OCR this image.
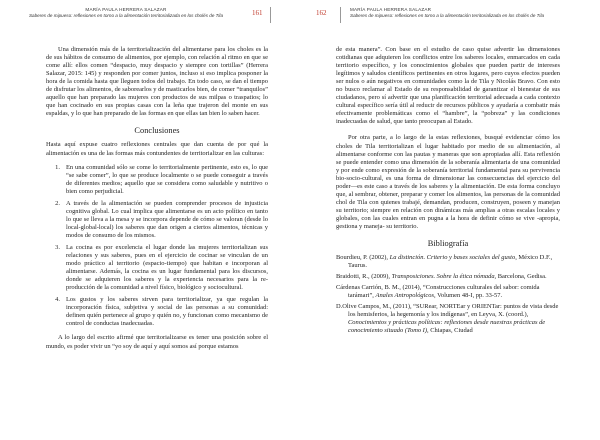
MARÍA PAULA HERRERA SALAZAR
Saberes de mipueso: reflexiones en torno a la alimentación territorializada en los cholés de Tila	161

Una dimensión más de la territorialización del alimentarse para los choles es la de sus hábitos de consumo de alimentos, por ejemplo, con relación al ritmo en que se come allí: ellos comen “despacio, muy despacio y siempre con tortillas” (Herrera Salazar, 2015: 145) y responden por comer juntos, incluso si eso implica posponer la hora de la comida hasta que lleguen todos del trabajo. En todo caso, se dan el tiempo de disfrutar los alimentos, de saborearlos y de masticarlos bien, de comer “tranquilos” aquello que han preparado las mujeres con productos de sus milpas o traspatios; lo que han cocinado en sus propias casas con la leña que trajeron del monte en sus espaldas, y lo que han preparado de las formas en que ellas tan bien lo saben hacer.

Conclusiones

Hasta aquí expuse cuatro reflexiones centrales que dan cuenta de por qué la alimentación es una de las formas más contundentes de territorializar en las culturas:

1. En una comunidad sólo se come lo territorialmente pertinente, esto es, lo que “se sabe comer”, lo que se produce localmente o se puede conseguir a través de diferentes medios; aquello que se considera como saludable y nutritivo o bien como perjudicial.
2. A través de la alimentación se pueden comprender procesos de injusticia cognitiva global. Lo cual implica que alimentarse es un acto político en tanto lo que se lleva a la mesa y se incorpora depende de cómo se valoran (desde lo local-global-local) los saberes que dan origen a ciertos alimentos, técnicas y modos de consumo de los mismos.
3. La cocina es por excelencia el lugar donde las mujeres territorializan sus relaciones y sus saberes, pues en el ejercicio de cocinar se vinculan de un modo práctico al territorio (espacio-tiempo) que habitan e incorporan al alimentarse. Además, la cocina es un lugar fundamental para los discursos, donde se adquieren los saberes y la experiencia necesarios para la re-producción de la comunidad a nivel físico, biológico y sociocultural.
4. Los gustos y los saberes sirven para territorializar, ya que regulan la incorporación física, subjetiva y social de las personas a su comunidad: definen quién pertenece al grupo y quién no, y funcionan como mecanismo de control de conductas inadecuadas.

A lo largo del escrito afirmé que territorializarse es tener una posición sobre el mundo, es poder vivir un “yo soy de aquí y aquí somos así porque estamos

162	MARÍA PAULA HERRERA SALAZAR
Saberes de mipueso: reflexiones en torno a la alimentación territorializada en los cholés de Tila

de esta manera”. Con base en el estudio de caso quise advertir las dimensiones cotidianas que adquieren los conflictos entre los saberes locales, enmarcados en cada territorio específico, y los conocimientos globales que pueden partir de intereses legítimos y saludos científicos pertinentes en otros lugares, pero cuyos efectos pueden ser nulos o aún negativos en comunidades como la de Tila y Nicolás Bravo. Con esto no busco reclamar al Estado de su responsabilidad de garantizar el bienestar de sus ciudadanos, pero sí advertir que una planificación territorial adecuada a cada contexto cultural específico sería útil al reducir de recursos públicos y ayudaría a combatir más efectivamente problemáticas como el “hambre”, la “pobreza” y las condiciones inadecuadas de salud, que tanto preocupan al Estado.

Por otra parte, a lo largo de la estas reflexiones, busqué evidenciar cómo los choles de Tila territorializan el lugar habitado por medio de su alimentación, al alimentarse conforme con las pautas y maneras que son apropiadas allí. Esta reflexión se puede entender como una dimensión de la soberanía alimentaria de una comunidad y por ende como expresión de la soberanía territorial fundamental para su pervivencia bio-socio-cultural, es una forma de dimensionar las consecuencias del ejercicio del poder—es este caso a través de los saberes y la alimentación. De esta forma concluyo que, al sembrar, obtener, preparar y comer los alimentos, las personas de la comunidad chol de Tila con quienes trabajé, demandan, producen, construyen, poseen y manejan su territorio; siempre en relación con dinámicas más amplias a otras escalas locales y globales, con las cuales entran en pugna a la hora de definir cómo se vive -apropia, gestiona y maneja- su territorio.

Bibliografía

Bourdieu, P. (2002), La distinción. Criterio y bases sociales del gusto, México D.F., Taurus.

Braidotti, R., (2009), Transposiciones. Sobre la ética nómada, Barcelona, Gedisa.

Cárdenas Carrión, B. M., (2014), “Construcciones culturales del sabor: comida tarámari”, Anales Antropológicos, Volumen 48-I, pp. 33-57.

D.Olive Campos, M., (2011), “SURear, NORTEar y ORIENTar: puntos de vista desde los hemisferios, la hegemonía y los indígenas”, en Leyva, X. (coord.), Conocimientos y prácticas políticas: reflexiones desde nuestras prácticas de conocimiento situado (Tomo I), Chiapas, Ciudad
